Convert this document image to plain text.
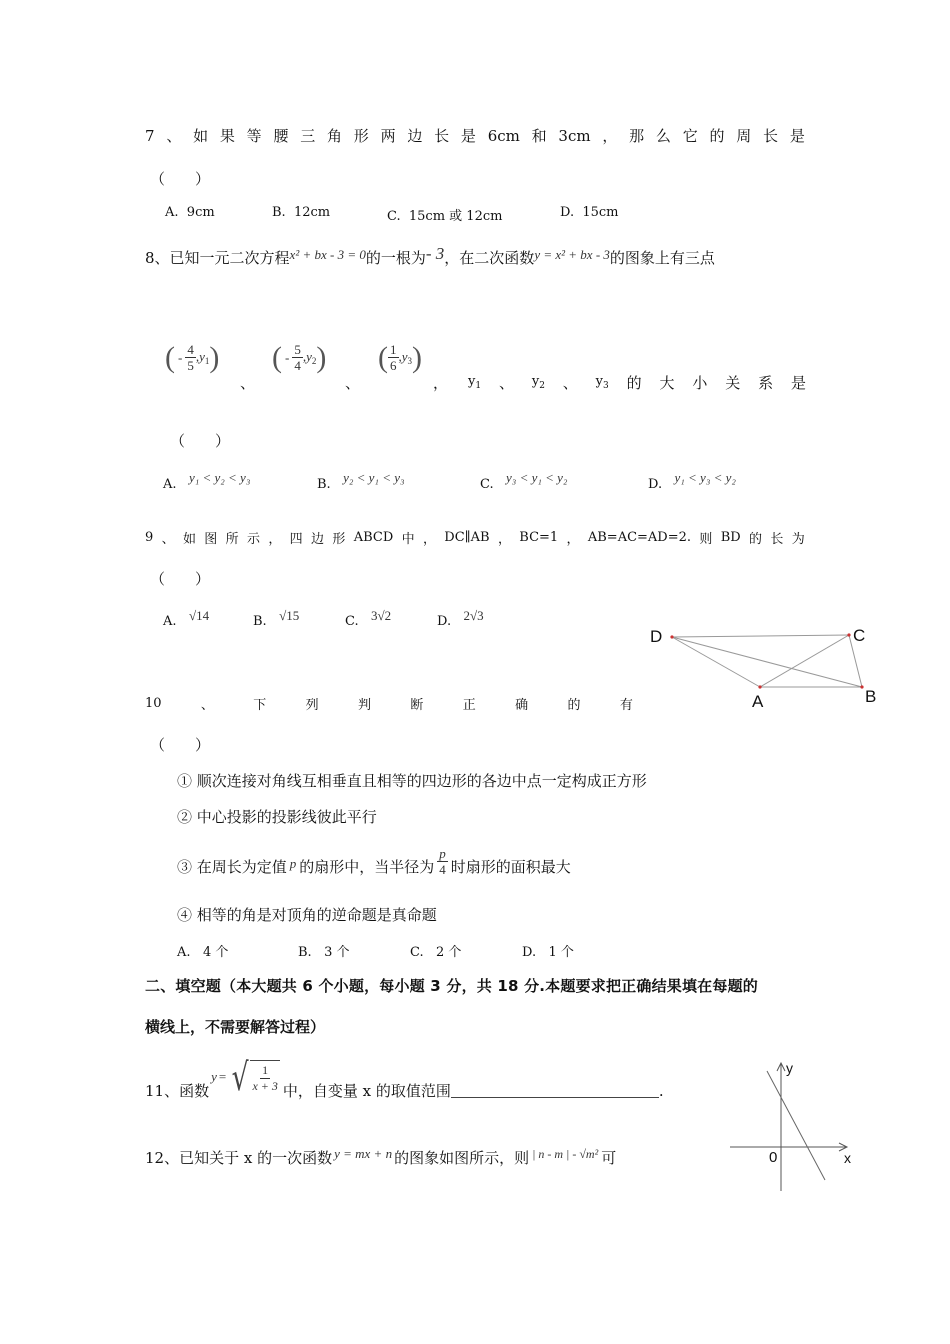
7 、 如 果 等 腰 三 角 形 两 边 长 是 6cm 和 3cm ， 那 么 它 的 周 长 是
（　　）
A. 9cm	B. 12cm	C. 15cm 或 12cm	D. 15cm
8、已知一元二次方程x² + bx - 3 = 0的一根为- 3，在二次函数y = x² + bx - 3的图象上有三点
( - $\frac{4}{5} ,y_1$ )
、
( - $\frac{5}{4} ,y_2$ )
、
( $\frac{1}{6} ,y_3$ )
， $y_1$ 、 $y_2$ 、 $y_3$ 的 大 小 关 系 是
（　　）
A. y₁ < y₂ < y₃	B. y₂ < y₁ < y₃	C. y₃ < y₁ < y₂	D. y₁ < y₃ < y₂
9 、 如 图 所 示 ， 四 边 形 ABCD 中 ， DC∥AB ， BC=1 ， AB=AC=AD=2. 则 BD 的 长 为
（　　）
A. √14	B. √15	C. 3√2	D. 2√3
D	C
A	B
10	、	下	列	判	断	正	确	的	有
（　　）
① 顺次连接对角线互相垂直且相等的四边形的各边中点一定构成正方形
② 中心投影的投影线彼此平行
③ 在周长为定值 p 的扇形中，当半径为 $\frac{p}{4}$ 时扇形的面积最大
④ 相等的角是对顶角的逆命题是真命题
A. 4 个	B. 3 个	C. 2 个	D. 1 个
二、填空题（本大题共 6 个小题，每小题 3 分，共 18 分.本题要求把正确结果填在每题的
横线上，不需要解答过程）
11、函数
y = √ $\frac{1}{x + 3}$ 中，自变量 x 的取值范围	.
12、已知关于 x 的一次函数 y = mx + n 的图象如图所示，则 $^{| n - m | - √m^2}$ 可
y
x
0
